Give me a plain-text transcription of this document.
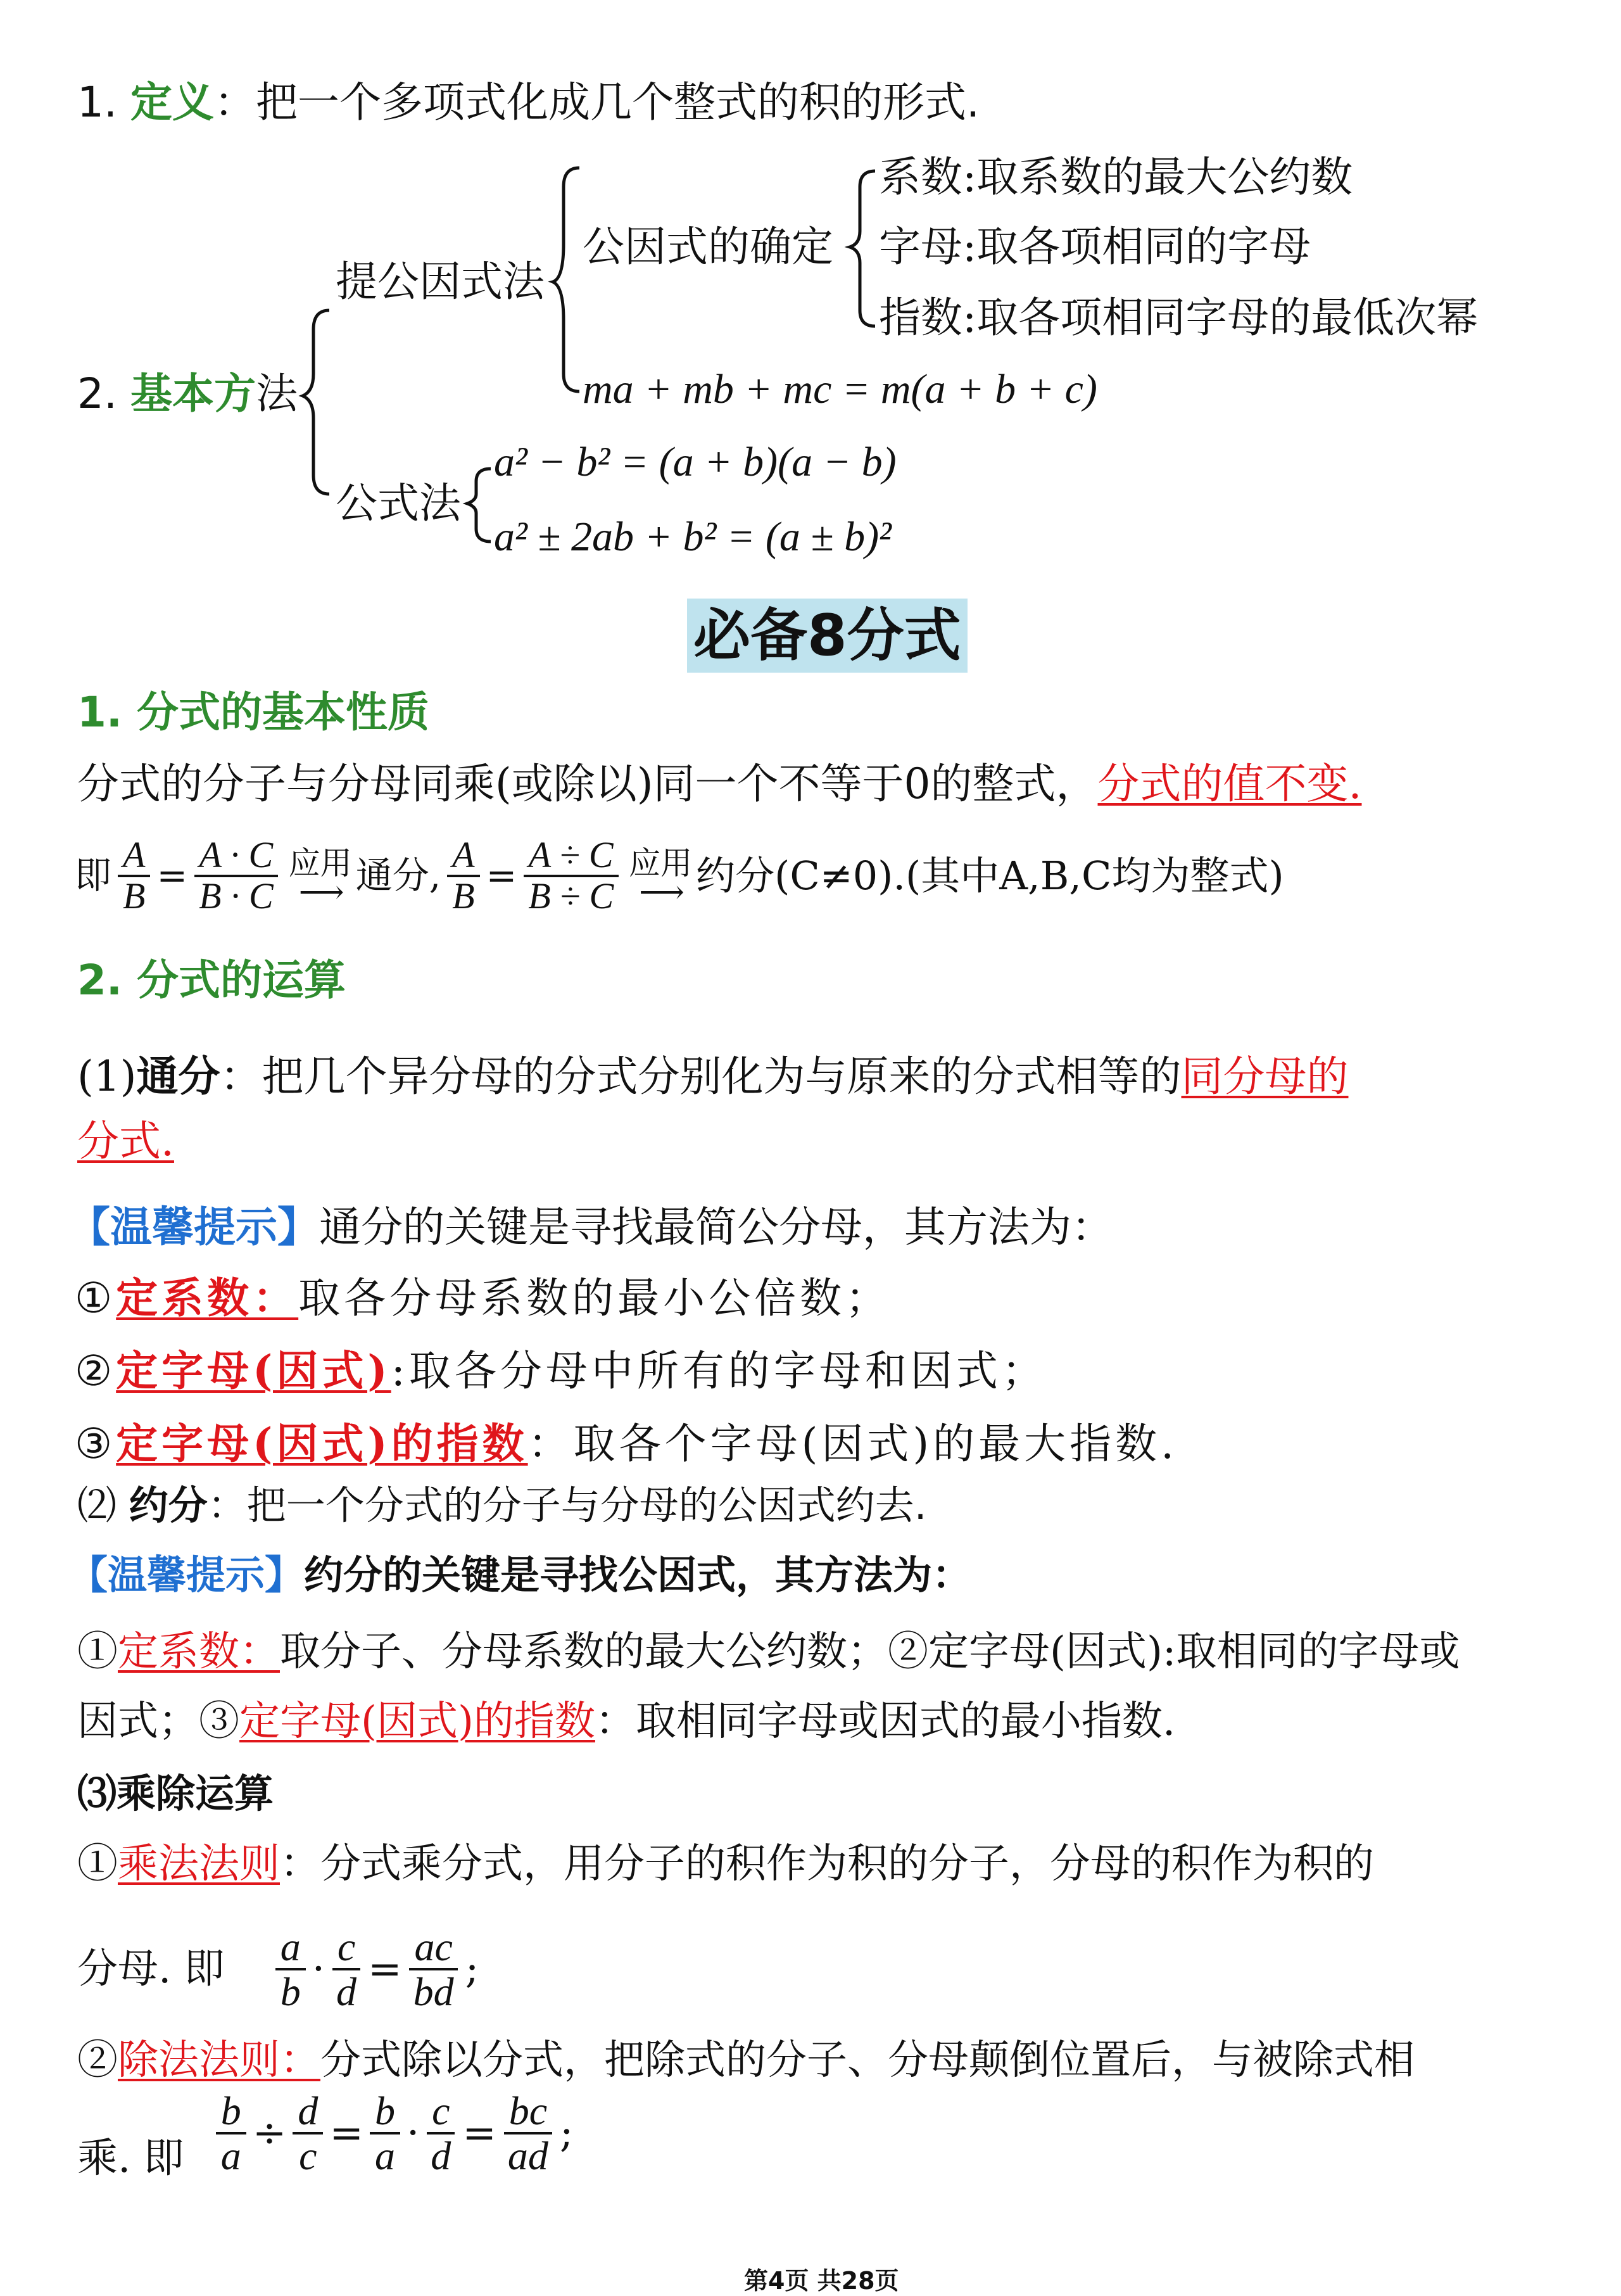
1. 定义：把一个多项式化成几个整式的积的形式.
系数:取系数的最大公约数
公因式的确定 字母:取各项相同的字母
提公因式法
指数:取各项相同字母的最低次幂
2. 基本方法	ma + mb + mc = m(a + b + c)
a² − b² = (a + b)(a − b)
公式法
a² ± 2ab + b² = (a ± b)²
必备8分式
1. 分式的基本性质
分式的分子与分母同乘(或除以)同一个不等于0的整式，分式的值不变.
即 $\frac{A}{B} = \frac{A \cdot C}{B \cdot C}$ 应用
⟶ 通分 , $\frac{A}{B} = \frac{A \div C}{B \div C}$ 应用
⟶ 约分(C≠0).(其中A,B,C均为整式)
2. 分式的运算
(1)通分：把几个异分母的分式分别化为与原来的分式相等的同分母的
分式.
【温馨提示】通分的关键是寻找最简公分母，其方法为：
①定系数：取各分母系数的最小公倍数；
②定字母(因式):取各分母中所有的字母和因式；
③定字母(因式)的指数：取各个字母(因式)的最大指数.
⑵ 约分：把一个分式的分子与分母的公因式约去.
【温馨提示】约分的关键是寻找公因式，其方法为：
①定系数：取分子、分母系数的最大公约数；②定字母(因式):取相同的字母或
因式；③定字母(因式)的指数：取相同字母或因式的最小指数.
⑶乘除运算
①乘法法则：分式乘分式，用分子的积作为积的分子，分母的积作为积的
分母. 即 $\frac{a}{b} \cdot \frac{c}{d} = \frac{ac}{bd}$ ;
②除法法则：分式除以分式，把除式的分子、分母颠倒位置后，与被除式相
乘. 即 $\frac{b}{a} \div \frac{d}{c} = \frac{b}{a} \cdot \frac{c}{d} = \frac{bc}{ad}$ ;
第4页 共28页
